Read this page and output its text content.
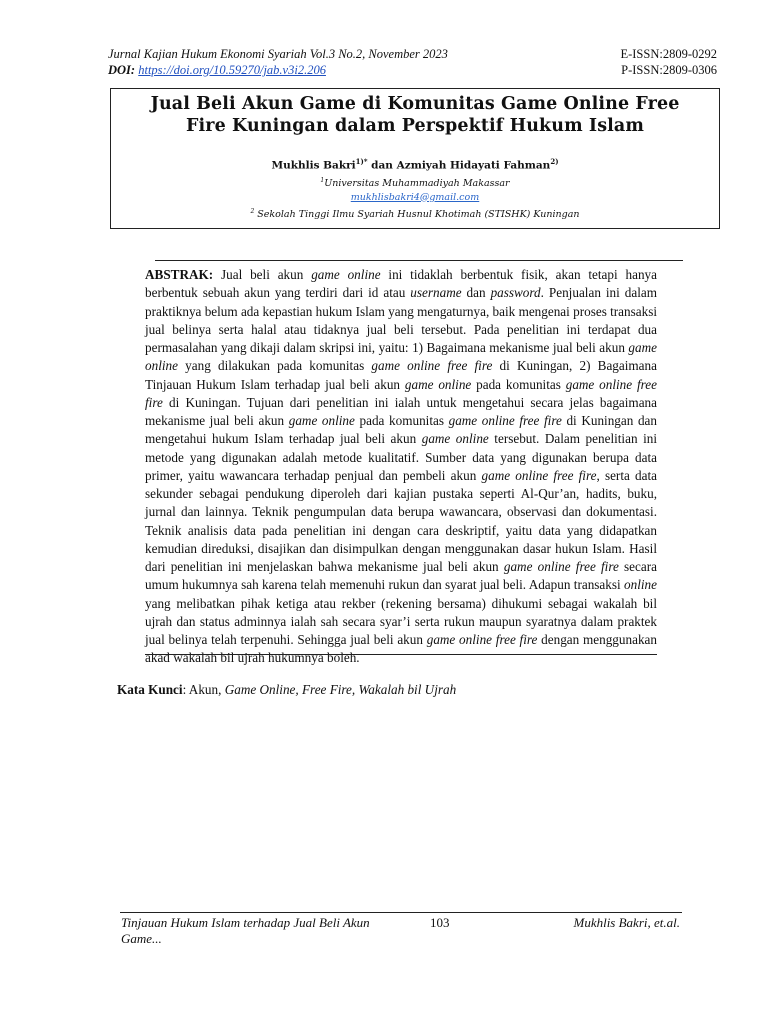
Jurnal Kajian Hukum Ekonomi Syariah Vol.3 No.2, November 2023
DOI: https://doi.org/10.59270/jab.v3i2.206
E-ISSN:2809-0292
P-ISSN:2809-0306
Jual Beli Akun Game di Komunitas Game Online Free
Fire Kuningan dalam Perspektif Hukum Islam
Mukhlis Bakri$^{1)*}$ dan Azmiyah Hidayati Fahman$^{2)}$
$^1$Universitas Muhammadiyah Makassar
mukhlisbakri4@gmail.com
$^2$ Sekolah Tinggi Ilmu Syariah Husnul Khotimah (STISHK) Kuningan
ABSTRAK: Jual beli akun game online ini tidaklah berbentuk fisik, akan tetapi hanya berbentuk sebuah akun yang terdiri dari id atau username dan password. Penjualan ini dalam praktiknya belum ada kepastian hukum Islam yang mengaturnya, baik mengenai proses transaksi jual belinya serta halal atau tidaknya jual beli tersebut. Pada penelitian ini terdapat dua permasalahan yang dikaji dalam skripsi ini, yaitu: 1) Bagaimana mekanisme jual beli akun game online yang dilakukan pada komunitas game online free fire di Kuningan, 2) Bagaimana Tinjauan Hukum Islam terhadap jual beli akun game online pada komunitas game online free fire di Kuningan. Tujuan dari penelitian ini ialah untuk mengetahui secara jelas bagaimana mekanisme jual beli akun game online pada komunitas game online free fire di Kuningan dan mengetahui hukum Islam terhadap jual beli akun game online tersebut. Dalam penelitian ini metode yang digunakan adalah metode kualitatif. Sumber data yang digunakan berupa data primer, yaitu wawancara terhadap penjual dan pembeli akun game online free fire, serta data sekunder sebagai pendukung diperoleh dari kajian pustaka seperti Al-Qur’an, hadits, buku, jurnal dan lainnya. Teknik pengumpulan data berupa wawancara, observasi dan dokumentasi. Teknik analisis data pada penelitian ini dengan cara deskriptif, yaitu data yang didapatkan kemudian direduksi, disajikan dan disimpulkan dengan menggunakan dasar hukun Islam. Hasil dari penelitian ini menjelaskan bahwa mekanisme jual beli akun game online free fire secara umum hukumnya sah karena telah memenuhi rukun dan syarat jual beli. Adapun transaksi online yang melibatkan pihak ketiga atau rekber (rekening bersama) dihukumi sebagai wakalah bil ujrah dan status adminnya ialah sah secara syar’i serta rukun maupun syaratnya dalam praktek jual belinya telah terpenuhi. Sehingga jual beli akun game online free fire dengan menggunakan akad wakalah bil ujrah hukumnya boleh.
Kata Kunci: Akun, Game Online, Free Fire, Wakalah bil Ujrah
Tinjauan Hukum Islam terhadap Jual Beli Akun
Game...
103	Mukhlis Bakri, et.al.
